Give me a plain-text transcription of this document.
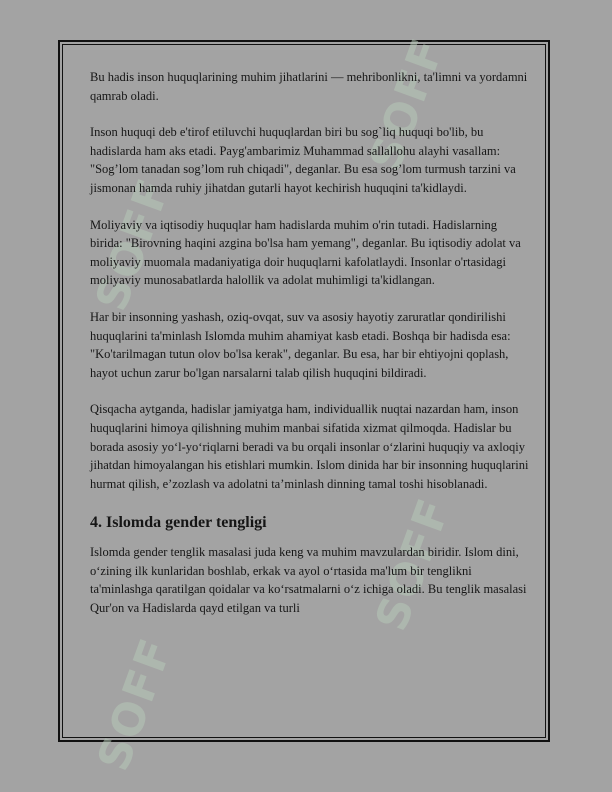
SOFF
SOFF
SOFF
SOFF

Bu hadis inson huquqlarining muhim jihatlarini — mehribonlikni, ta'limni va yordamni qamrab oladi.

Inson huquqi deb e'tirof etiluvchi huquqlardan biri bu sog`liq huquqi bo'lib, bu hadislarda ham aks etadi. Payg'ambarimiz Muhammad sallallohu alayhi vasallam: "Sog’lom tanadan sog’lom ruh chiqadi", deganlar. Bu esa sog’lom turmush tarzini va jismonan hamda ruhiy jihatdan gutarli hayot kechirish huquqini ta'kidlaydi.

Moliyaviy va iqtisodiy huquqlar ham hadislarda muhim o'rin tutadi. Hadislarning birida: "Birovning haqini azgina bo'lsa ham yemang", deganlar. Bu iqtisodiy adolat va moliyaviy muomala madaniyatiga doir huquqlarni kafolatlaydi. Insonlar o'rtasidagi moliyaviy munosabatlarda halollik va adolat muhimligi ta'kidlangan.

Har bir insonning yashash, oziq-ovqat, suv va asosiy hayotiy zaruratlar qondirilishi huquqlarini ta'minlash Islomda muhim ahamiyat kasb etadi. Boshqa bir hadisda esa: "Ko'tarilmagan tutun olov bo'lsa kerak", deganlar. Bu esa, har bir ehtiyojni qoplash, hayot uchun zarur bo'lgan narsalarni talab qilish huquqini bildiradi.

Qisqacha aytganda, hadislar jamiyatga ham, individuallik nuqtai nazardan ham, inson huquqlarini himoya qilishning muhim manbai sifatida xizmat qilmoqda. Hadislar bu borada asosiy yo‘l-yo‘riqlarni beradi va bu orqali insonlar o‘zlarini huquqiy va axloqiy jihatdan himoyalangan his etishlari mumkin. Islom dinida har bir insonning huquqlarini hurmat qilish, e’zozlash va adolatni ta’minlash dinning tamal toshi hisoblanadi.

4. Islomda gender tengligi

Islomda gender tenglik masalasi juda keng va muhim mavzulardan biridir. Islom dini, o‘zining ilk kunlaridan boshlab, erkak va ayol o‘rtasida ma'lum bir tenglikni ta'minlashga qaratilgan qoidalar va ko‘rsatmalarni o‘z ichiga oladi. Bu tenglik masalasi Qur'on va Hadislarda qayd etilgan va turli
